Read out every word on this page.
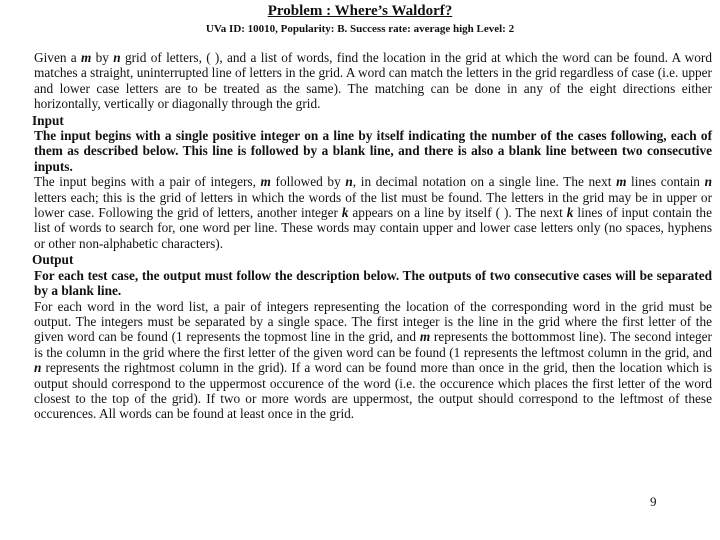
Problem : Where’s Waldorf?
UVa ID: 10010, Popularity: B. Success rate: average high Level: 2

Given a m by n grid of letters, ( ), and a list of words, find the location in the grid at which the word can be found. A word matches a straight, uninterrupted line of letters in the grid. A word can match the letters in the grid regardless of case (i.e. upper and lower case letters are to be treated as the same). The matching can be done in any of the eight directions either horizontally, vertically or diagonally through the grid.

Input

The input begins with a single positive integer on a line by itself indicating the number of the cases following, each of them as described below. This line is followed by a blank line, and there is also a blank line between two consecutive inputs.

The input begins with a pair of integers, m followed by n, in decimal notation on a single line. The next m lines contain n letters each; this is the grid of letters in which the words of the list must be found. The letters in the grid may be in upper or lower case. Following the grid of letters, another integer k appears on a line by itself ( ). The next k lines of input contain the list of words to search for, one word per line. These words may contain upper and lower case letters only (no spaces, hyphens or other non-alphabetic characters).

Output

For each test case, the output must follow the description below. The outputs of two consecutive cases will be separated by a blank line.

For each word in the word list, a pair of integers representing the location of the corresponding word in the grid must be output. The integers must be separated by a single space. The first integer is the line in the grid where the first letter of the given word can be found (1 represents the topmost line in the grid, and m represents the bottommost line). The second integer is the column in the grid where the first letter of the given word can be found (1 represents the leftmost column in the grid, and n represents the rightmost column in the grid). If a word can be found more than once in the grid, then the location which is output should correspond to the uppermost occurence of the word (i.e. the occurence which places the first letter of the word closest to the top of the grid). If two or more words are uppermost, the output should correspond to the leftmost of these occurences. All words can be found at least once in the grid.

9
